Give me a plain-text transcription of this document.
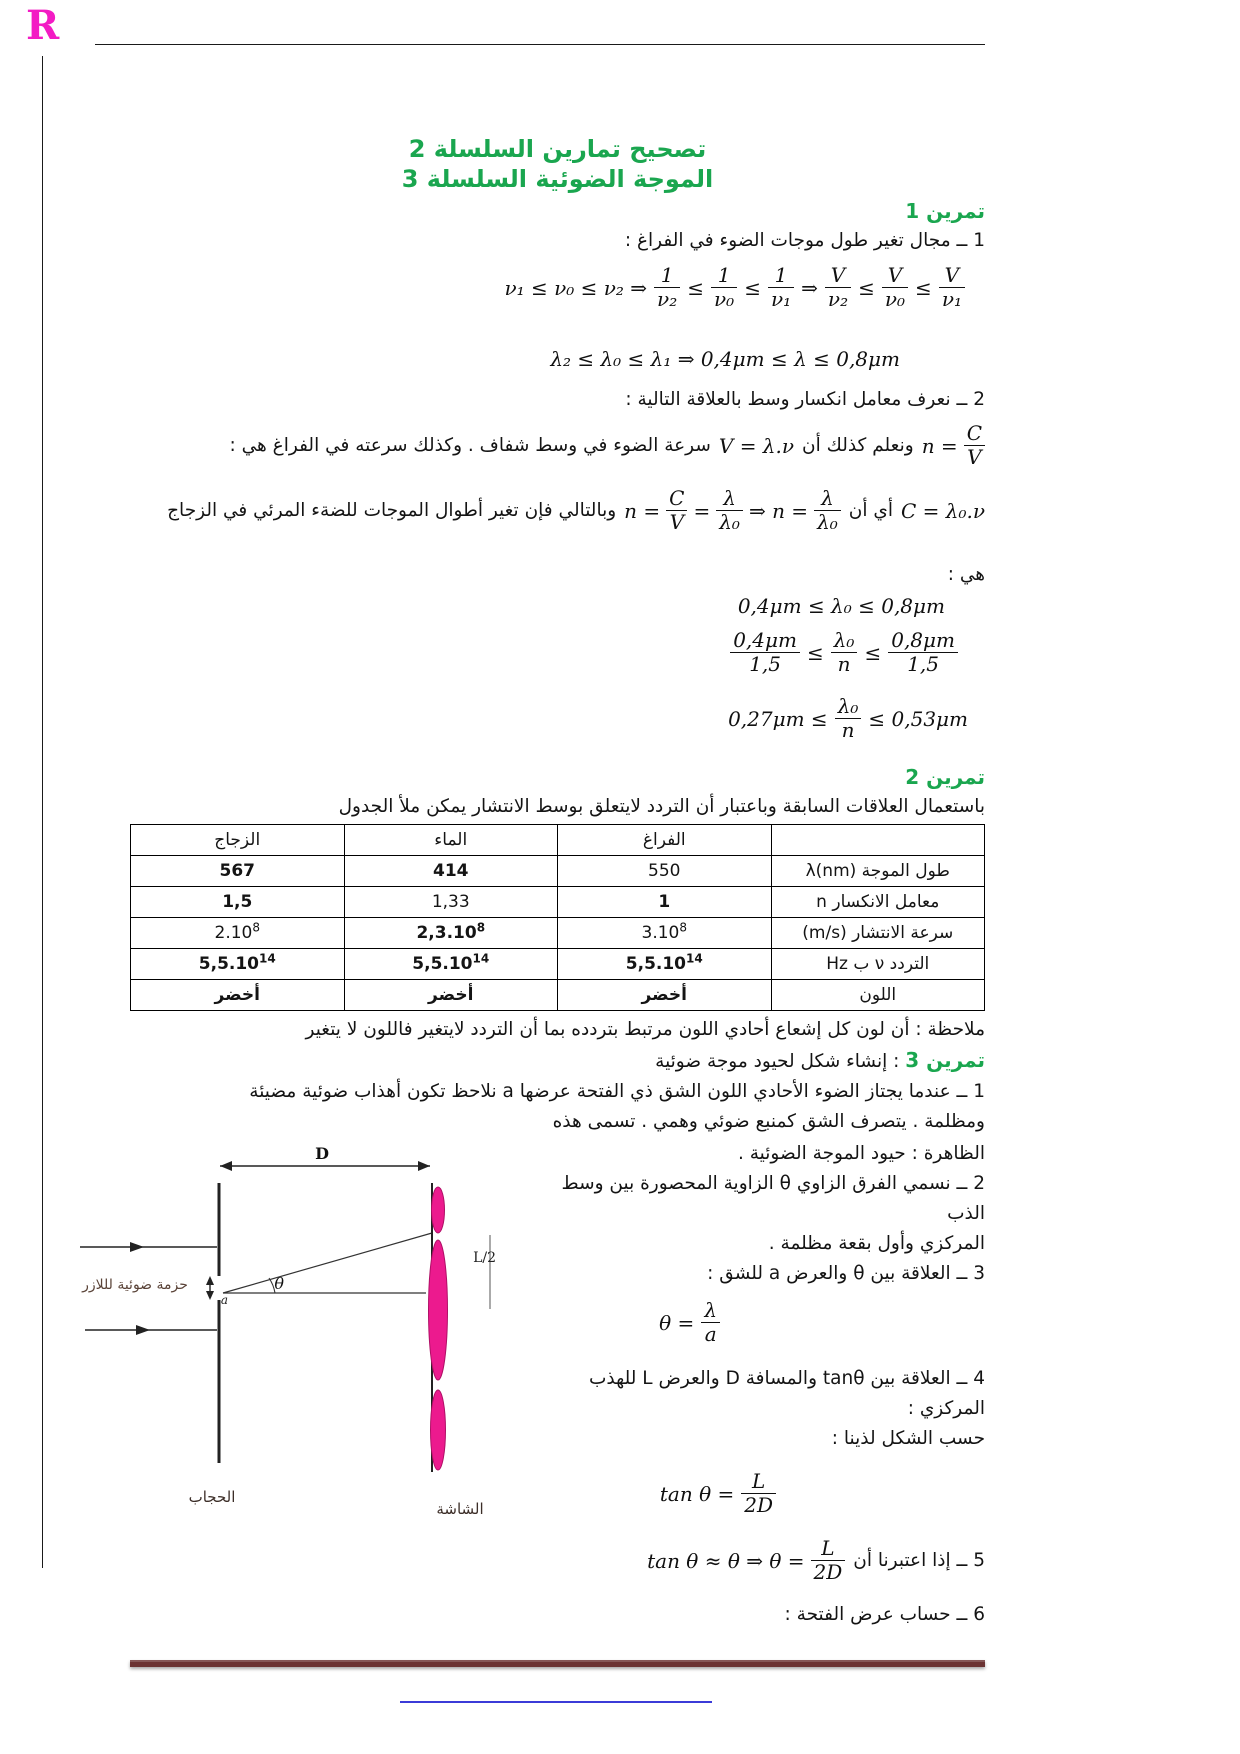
R

تصحيح تمارين السلسلة 2

الموجة الضوئية السلسلة 3

تمرين 1

1 ــ مجال تغير طول موجات الضوء في الفراغ :

ν₁ ≤ ν₀ ≤ ν₂ ⇒ $\frac{1}{\text{ν₂}} \le \frac{1}{\text{ν₀}} \le \frac{1}{\text{ν₁}}$ ⇒ $\frac{V}{\text{ν₂}} \le \frac{V}{\text{ν₀}} \le \frac{V}{\text{ν₁}}$
λ₂ ≤ λ₀ ≤ λ₁ ⇒ 0,4μm ≤ λ ≤ 0,8μm

2 ــ نعرف معامل انكسار وسط بالعلاقة التالية :

$n = \frac{C}{V}$
ونعلم كذلك أن
V = λ.ν
سرعة الضوء في وسط شفاف . وكذلك سرعته في الفراغ هي :
C = λ₀.ν
أي أن
$n = \frac{C}{V} = \frac{\lambda}{\text{λ₀}}$ ⇒ $n = \frac{\lambda}{\text{λ₀}}$
وبالتالي فإن تغير أطوال الموجات للضةء المرئي في الزجاج

هي :

0,4μm ≤ λ₀ ≤ 0,8μm
$\frac{0,4\mu m}{1,5} \le \frac{\text{λ₀}}{n} \le \frac{0,8\mu m}{1,5}$
$0,27\mu m \le \frac{\text{λ₀}}{n} \le 0,53\mu m$

تمرين 2

باستعمال العلاقات السابقة وباعتبار أن التردد لايتعلق بوسط الانتشار يمكن ملأ الجدول

	الفراغ	الماء	الزجاج
طول الموجة λ(nm)	550	414	567
معامل الانكسار n	1	1,33	1,5
سرعة الانتشار (m/s)	3.10$^8$	2,3.10$^8$	2.10$^8$
التردد ν ب Hz	5,5.10$^{14}$	5,5.10$^{14}$	5,5.10$^{14}$
اللون	أخضر	أخضر	أخضر

ملاحظة : أن لون كل إشعاع أحادي اللون مرتبط بتردده بما أن التردد لايتغير فاللون لا يتغير

تمرين 3 : إنشاء شكل لحيود موجة ضوئية

1 ــ عندما يجتاز الضوء الأحادي اللون الشق ذي الفتحة عرضها a نلاحظ تكون أهذاب ضوئية مضيئة

ومظلمة . يتصرف الشق كمنبع ضوئي وهمي . تسمى هذه

D
a
θ
L/2
حزمة ضوئية لللازر
الحجاب
الشاشة

الظاهرة : حيود الموجة الضوئية .

2 ــ نسمي الفرق الزاوي θ الزاوية المحصورة بين وسط الذب

المركزي وأول بقعة مظلمة .

3 ــ العلاقة بين θ والعرض a للشق :

$\theta = \frac{\lambda}{a}$

4 ــ العلاقة بين tanθ والمسافة D والعرض L للهذب المركزي :

حسب الشكل لذينا :

$\tan \theta = \frac{L}{2D}$
5 ــ إذا اعتبرنا أن
tan θ ≈ θ ⇒ $\theta = \frac{L}{2D}$

6 ــ حساب عرض الفتحة :
